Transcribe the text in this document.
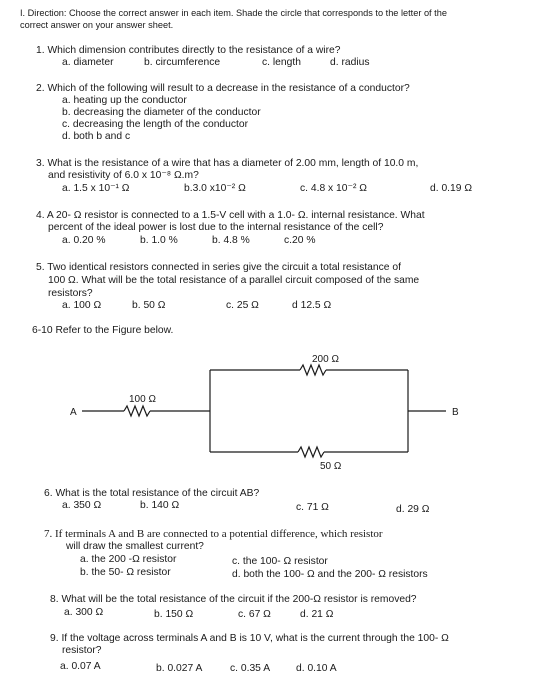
I. Direction: Choose the correct answer in each item. Shade the circle that corresponds to the letter of the
correct answer on your answer sheet.
1. Which dimension contributes directly to the resistance of a wire?
a. diameter	b. circumference	c. length	d. radius
2. Which of the following will result to a decrease in the resistance of a conductor?
a. heating up the conductor
b. decreasing the diameter of the conductor
c. decreasing the length of the conductor
d. both b and c
3. What is the resistance of a wire that has a diameter of 2.00 mm, length of 10.0 m,
and resistivity of 6.0 x 10⁻⁸ Ω.m?
a. 1.5 x 10⁻¹ Ω	b.3.0 x10⁻² Ω	c. 4.8 x 10⁻² Ω	d. 0.19 Ω
4. A 20- Ω resistor is connected to a 1.5-V cell with a 1.0- Ω. internal resistance. What
percent of the ideal power is lost due to the internal resistance of the cell?
a. 0.20 %	b. 1.0 %	b. 4.8 %	c.20 %
5. Two identical resistors connected in series give the circuit a total resistance of
100 Ω. What will be the total resistance of a parallel circuit composed of the same
resistors?
a. 100 Ω	b. 50 Ω	c. 25 Ω	d 12.5 Ω
6-10 Refer to the Figure below.
200 Ω
100 Ω
50 Ω
A	B
6. What is the total resistance of the circuit AB?
a. 350 Ω	b. 140 Ω	c. 71 Ω	d. 29 Ω
7. If terminals A and B are connected to a potential difference, which resistor
will draw the smallest current?
a. the 200 -Ω resistor	c. the 100- Ω resistor
b. the 50- Ω resistor	d. both the 100- Ω and the 200- Ω resistors
8. What will be the total resistance of the circuit if the 200-Ω resistor is removed?
a. 300 Ω	b. 150 Ω	c. 67 Ω	d. 21 Ω
9. If the voltage across terminals A and B is 10 V, what is the current through the 100- Ω
resistor?
a. 0.07 A	b. 0.027 A	c. 0.35 A	d. 0.10 A
